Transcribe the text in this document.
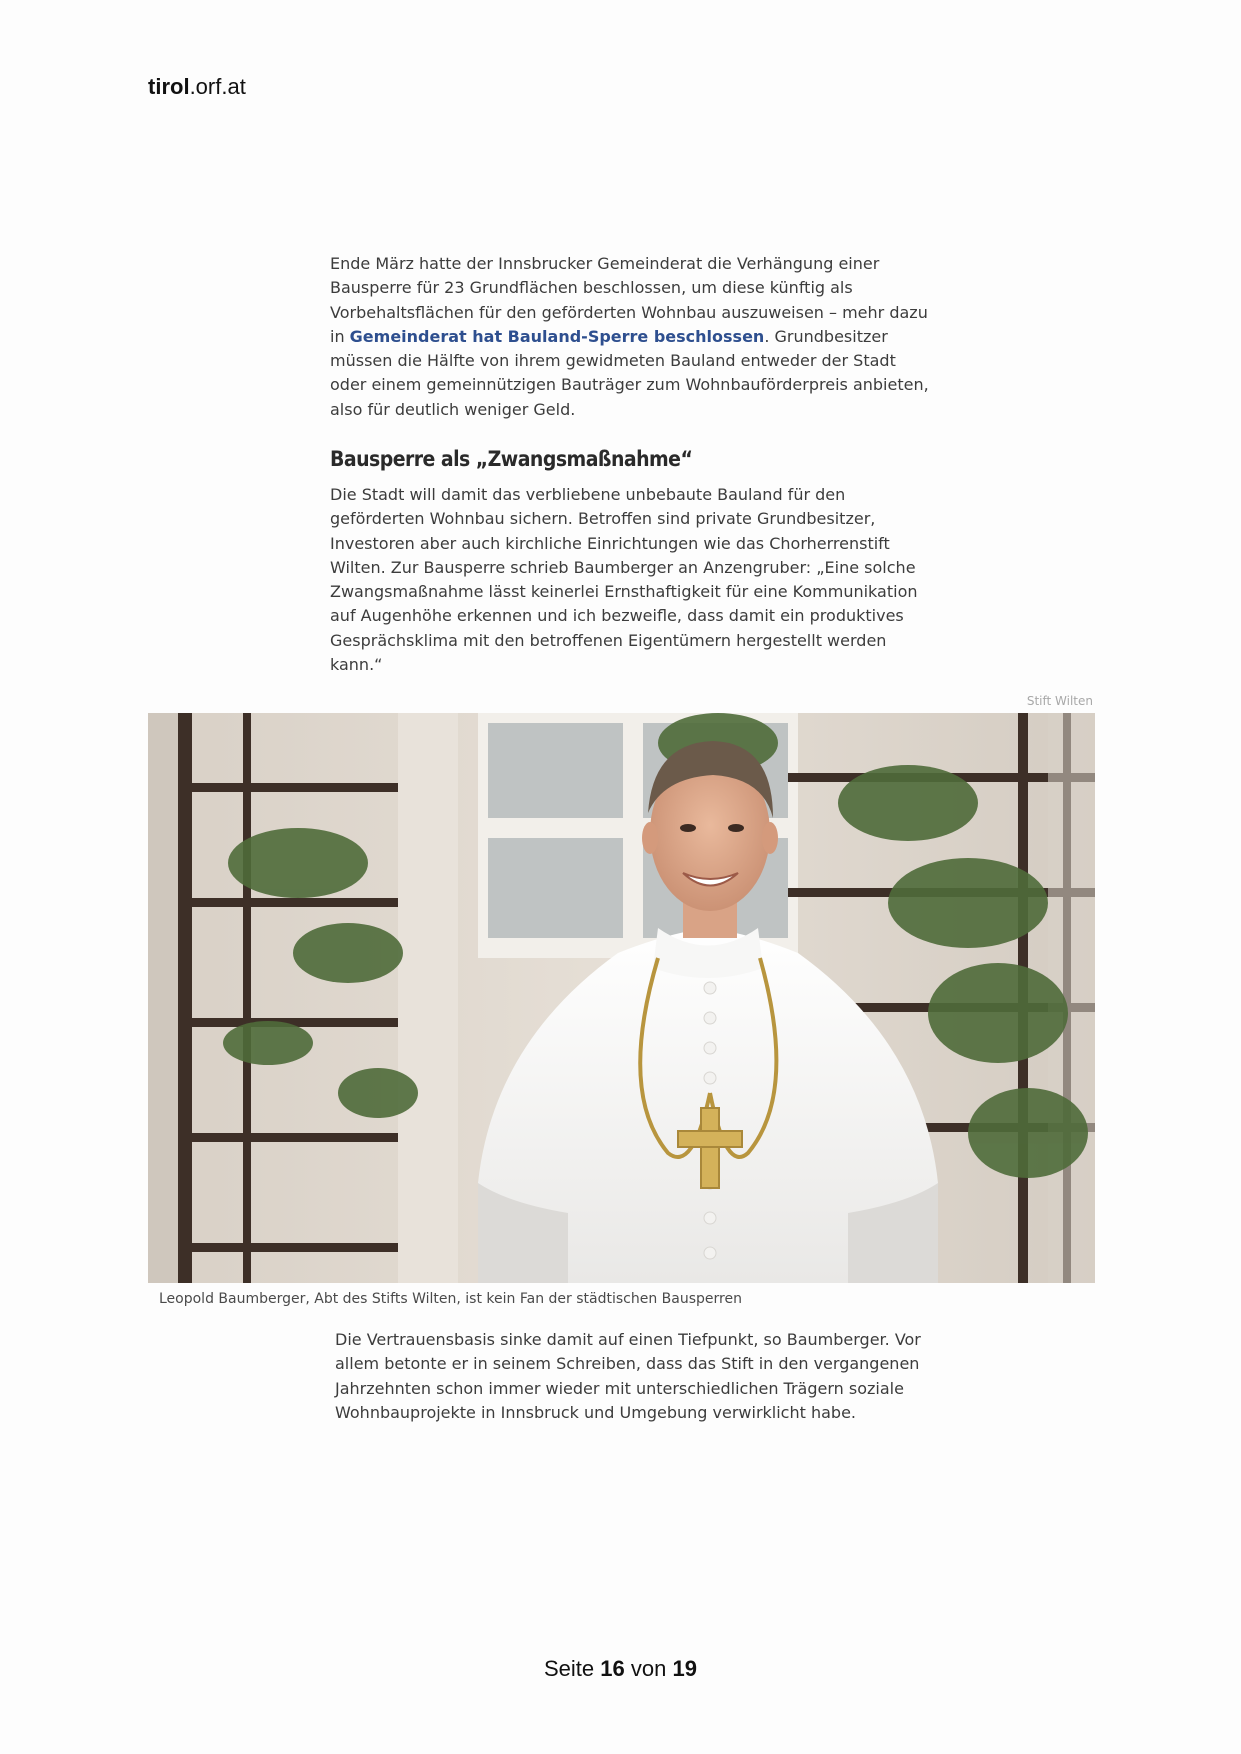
tirol.orf.at

Ende März hatte der Innsbrucker Gemeinderat die Verhängung einer Bausperre für 23 Grundflächen beschlossen, um diese künftig als Vorbehaltsflächen für den geförderten Wohnbau auszuweisen – mehr dazu in Gemeinderat hat Bauland-Sperre beschlossen. Grundbesitzer müssen die Hälfte von ihrem gewidmeten Bauland entweder der Stadt oder einem gemeinnützigen Bauträger zum Wohnbauförderpreis anbieten, also für deutlich weniger Geld.

Bausperre als „Zwangsmaßnahme“

Die Stadt will damit das verbliebene unbebaute Bauland für den geförderten Wohnbau sichern. Betroffen sind private Grundbesitzer, Investoren aber auch kirchliche Einrichtungen wie das Chorherrenstift Wilten. Zur Bausperre schrieb Baumberger an Anzengruber: „Eine solche Zwangsmaßnahme lässt keinerlei Ernsthaftigkeit für eine Kommunikation auf Augenhöhe erkennen und ich bezweifle, dass damit ein produktives Gesprächsklima mit den betroffenen Eigentümern hergestellt werden kann.“

Stift Wilten
Leopold Baumberger, Abt des Stifts Wilten, ist kein Fan der städtischen Bausperren

Die Vertrauensbasis sinke damit auf einen Tiefpunkt, so Baumberger. Vor allem betonte er in seinem Schreiben, dass das Stift in den vergangenen Jahrzehnten schon immer wieder mit unterschiedlichen Trägern soziale Wohnbauprojekte in Innsbruck und Umgebung verwirklicht habe.

Seite 16 von 19
